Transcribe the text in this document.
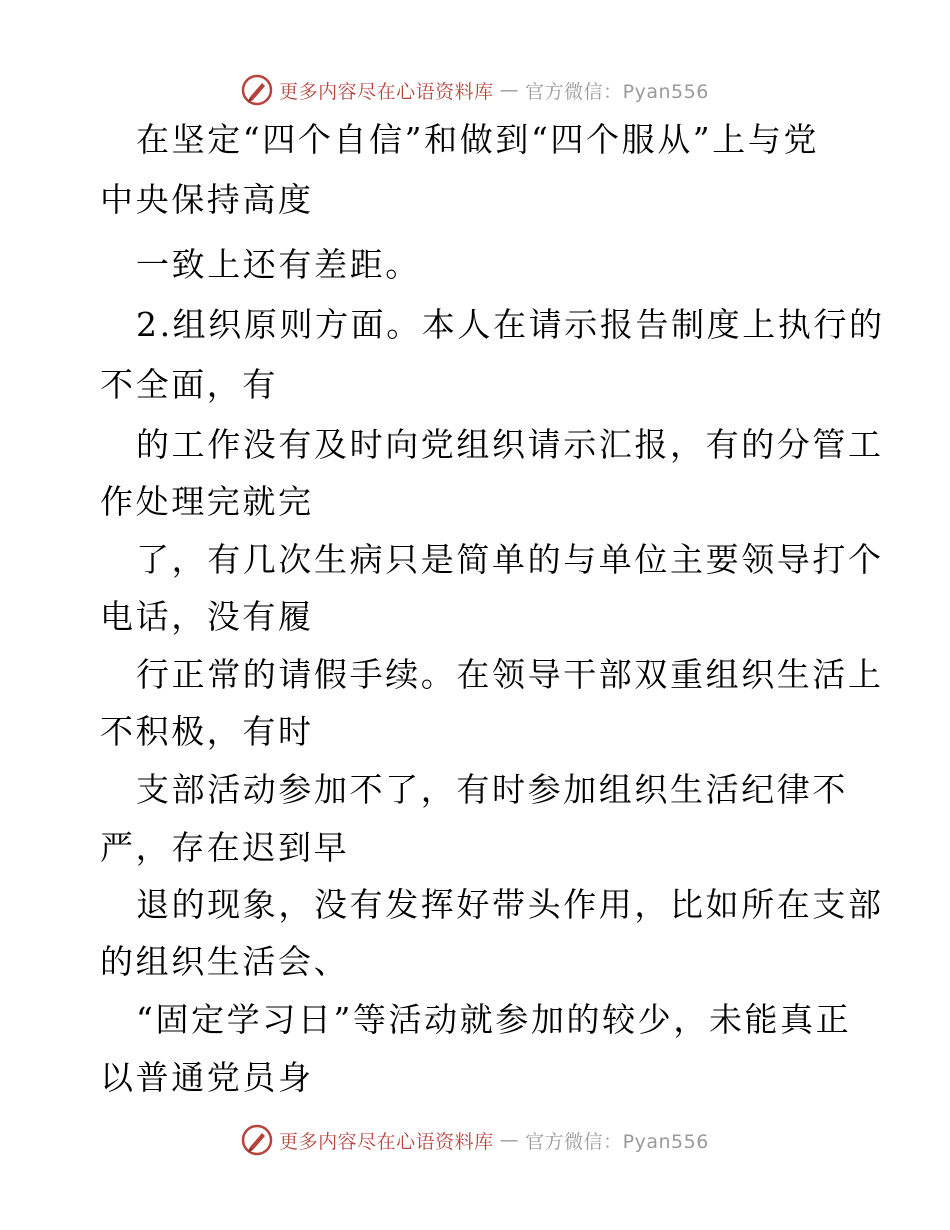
更多内容尽在心语资料库 — 官方微信：Pyan556
在坚定“四个自信”和做到“四个服从”上与党
中央保持高度
一致上还有差距。
2.组织原则方面。本人在请示报告制度上执行的
不全面，有
的工作没有及时向党组织请示汇报，有的分管工
作处理完就完
了，有几次生病只是简单的与单位主要领导打个
电话，没有履
行正常的请假手续。在领导干部双重组织生活上
不积极，有时
支部活动参加不了，有时参加组织生活纪律不
严，存在迟到早
退的现象，没有发挥好带头作用，比如所在支部
的组织生活会、
“固定学习日”等活动就参加的较少，未能真正
以普通党员身
更多内容尽在心语资料库 — 官方微信：Pyan556
